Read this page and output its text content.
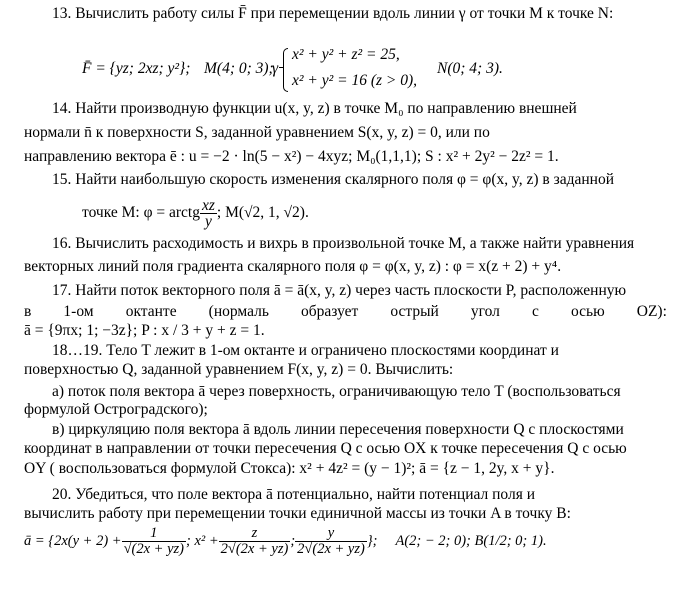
13. Вычислить работу силы F̄ при перемещении вдоль линии γ от точки M к точке N:
F̄ = {yz; 2xz; y²}; M(4; 0; 3);
γ
x² + y² + z² = 25,
x² + y² = 16 (z > 0),
N(0; 4; 3).
14. Найти производную функции u(x, y, z) в точке M₀ по направлению внешней
нормали n̄ к поверхности S, заданной уравнением S(x, y, z) = 0, или по
направлению вектора ē : u = −2 · ln(5 − x²) − 4xyz; M₀(1,1,1); S : x² + 2y² − 2z² = 1.
15. Найти наибольшую скорость изменения скалярного поля φ = φ(x, y, z) в заданной
точке M: φ = arctg $\frac{xz}{y}$ ; M(√2, 1, √2).
16. Вычислить расходимость и вихрь в произвольной точке M, а также найти уравнения
векторных линий поля градиента скалярного поля φ = φ(x, y, z) : φ = x(z + 2) + y⁴.
17. Найти поток векторного поля ā = ā(x, y, z) через часть плоскости P, расположенную
в 1-ом октанте (нормаль образует острый угол с осью OZ):
ā = {9πx; 1; −3z}; P : x / 3 + y + z = 1.
18…19. Тело T лежит в 1-ом октанте и ограничено плоскостями координат и
поверхностью Q, заданной уравнением F(x, y, z) = 0. Вычислить:
а) поток поля вектора ā через поверхность, ограничивающую тело T (воспользоваться
формулой Остроградского);
в) циркуляцию поля вектора ā вдоль линии пересечения поверхности Q с плоскостями
координат в направлении от точки пересечения Q с осью OX к точке пересечения Q с осью
OY ( воспользоваться формулой Стокса): x² + 4z² = (y − 1)²; ā = {z − 1, 2y, x + y}.
20. Убедиться, что поле вектора ā потенциально, найти потенциал поля и
вычислить работу при перемещении точки единичной массы из точки A в точку B:
ā = {$2x(y + 2) + \frac{1}{√(2x + yz)}$ ; $x^2 + \frac{z}{2√(2x + yz)}$ ; $\frac{y}{2√(2x + yz)}$ }; A(2; − 2; 0); B(1/2; 0; 1).
